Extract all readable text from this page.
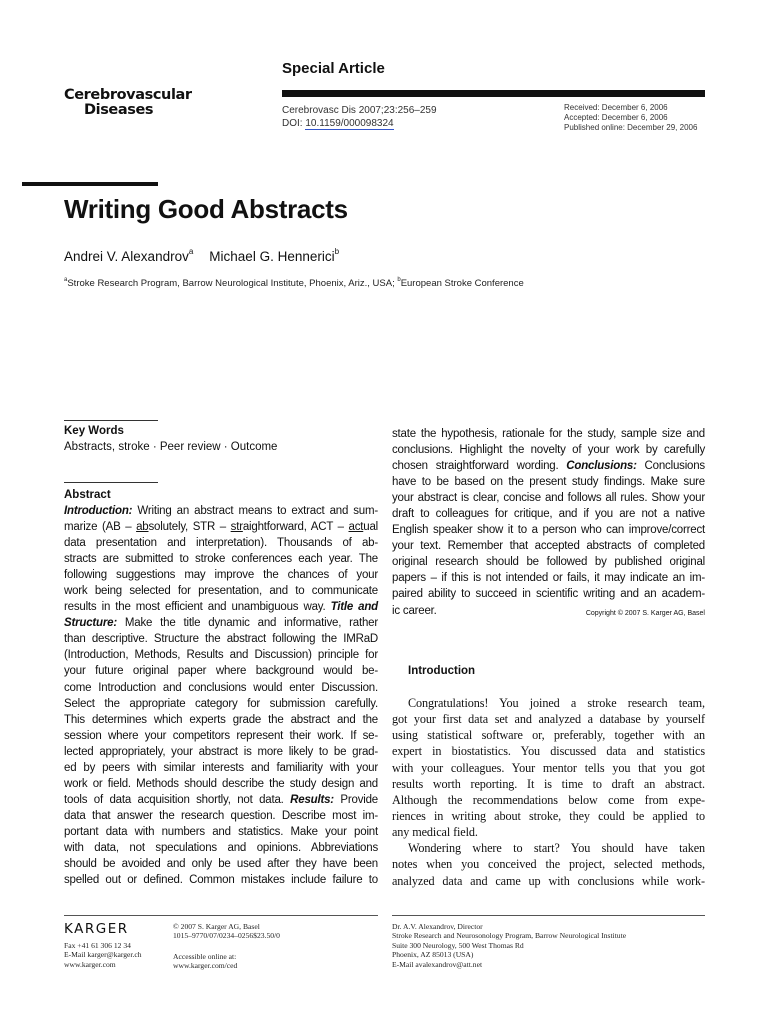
Cerebrovascular
Diseases
Special Article
Cerebrovasc Dis 2007;23:256–259
DOI: 10.1159/000098324
Received: December 6, 2006
Accepted: December 6, 2006
Published online: December 29, 2006
Writing Good Abstracts
Andrei V. Alexandrov$^a$ Michael G. Hennerici$^b$
$^a$Stroke Research Program, Barrow Neurological Institute, Phoenix, Ariz., USA; $^b$European Stroke Conference
Key Words
Abstracts, stroke · Peer review · Outcome
Abstract
Introduction: Writing an abstract means to extract and sum-
marize (AB – absolutely, STR – straightforward, ACT – actual
data presentation and interpretation). Thousands of ab-
stracts are submitted to stroke conferences each year. The
following suggestions may improve the chances of your
work being selected for presentation, and to communicate
results in the most efficient and unambiguous way. Title and
Structure: Make the title dynamic and informative, rather
than descriptive. Structure the abstract following the IMRaD
(Introduction, Methods, Results and Discussion) principle for
your future original paper where background would be-
come Introduction and conclusions would enter Discussion.
Select the appropriate category for submission carefully.
This determines which experts grade the abstract and the
session where your competitors represent their work. If se-
lected appropriately, your abstract is more likely to be grad-
ed by peers with similar interests and familiarity with your
work or field. Methods should describe the study design and
tools of data acquisition shortly, not data. Results: Provide
data that answer the research question. Describe most im-
portant data with numbers and statistics. Make your point
with data, not speculations and opinions. Abbreviations
should be avoided and only be used after they have been
spelled out or defined. Common mistakes include failure to
state the hypothesis, rationale for the study, sample size and
conclusions. Highlight the novelty of your work by carefully
chosen straightforward wording. Conclusions: Conclusions
have to be based on the present study findings. Make sure
your abstract is clear, concise and follows all rules. Show your
draft to colleagues for critique, and if you are not a native
English speaker show it to a person who can improve/correct
your text. Remember that accepted abstracts of completed
original research should be followed by published original
papers – if this is not intended or fails, it may indicate an im-
paired ability to succeed in scientific writing and an academ-
ic career.	Copyright © 2007 S. Karger AG, Basel
Introduction
Congratulations! You joined a stroke research team,
got your first data set and analyzed a database by yourself
using statistical software or, preferably, together with an
expert in biostatistics. You discussed data and statistics
with your colleagues. Your mentor tells you that you got
results worth reporting. It is time to draft an abstract.
Although the recommendations below come from expe-
riences in writing about stroke, they could be applied to
any medical field.
Wondering where to start? You should have taken
notes when you conceived the project, selected methods,
analyzed data and came up with conclusions while work-
KARGER
Fax +41 61 306 12 34
E-Mail karger@karger.ch
www.karger.com
© 2007 S. Karger AG, Basel
1015–9770/07/0234–0256$23.50/0
Accessible online at:
www.karger.com/ced
Dr. A.V. Alexandrov, Director
Stroke Research and Neurosonology Program, Barrow Neurological Institute
Suite 300 Neurology, 500 West Thomas Rd
Phoenix, AZ 85013 (USA)
E-Mail avalexandrov@att.net
